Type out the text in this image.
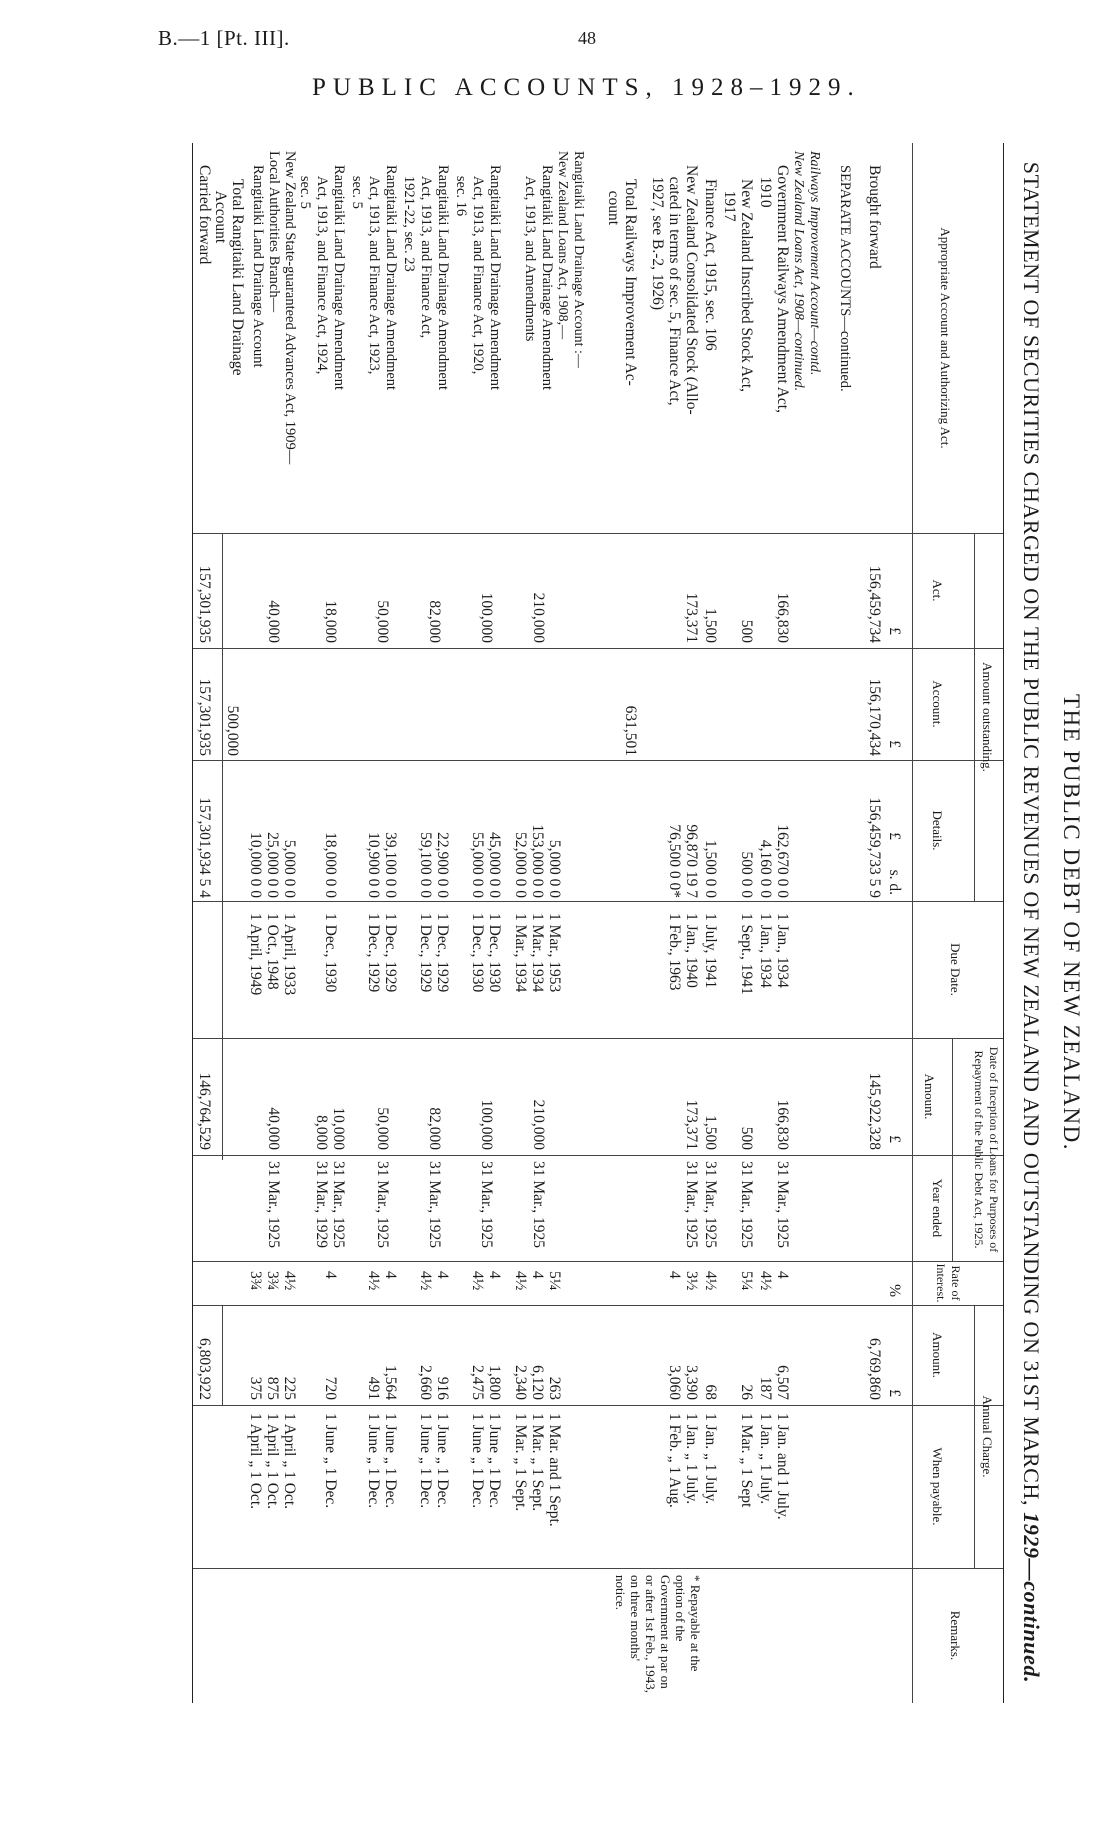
B.—1 [Pt. III].	48
PUBLIC ACCOUNTS, 1928–1929.
THE PUBLIC DEBT OF NEW ZEALAND.
STATEMENT OF SECURITIES CHARGED ON THE PUBLIC REVENUES OF NEW ZEALAND AND OUTSTANDING ON 31ST MARCH, 1929—continued.
Appropriate Account and Authorizing Act.
Amount outstanding.
Act.
Account.
Details.
Due Date.
Date of Inception of Loans for Purposes of Repayment of the Public Debt Act, 1925.
Amount.
Year ended
Rate of Interest.
Annual Charge.
Amount.
When payable.
Remarks.
£
£
£
s. d.
£
%
£
Brought forward
156,459,734
156,170,434
156,459,733 5 9
145,922,328
6,769,860
SEPARATE ACCOUNTS—continued.
Railways Improvement Account—contd.
New Zealand Loans Act, 1908—continued.
Government Railways Amendment Act,
1910
166,830
162,670 0 0
4,160 0 0
1 Jan., 1934
1 Jan., 1934
166,830
31 Mar., 1925
4
4½
6,507
187
1 Jan. and 1 July.
1 Jan. „ 1 July.
New Zealand Inscribed Stock Act,
1917
500
500 0 0
1 Sept., 1941
500
31 Mar., 1925
5¼
26
1 Mar. „ 1 Sept
Finance Act, 1915, sec. 106
1,500
1,500 0 0
1 July, 1941
1,500
31 Mar., 1925
4½
68
1 Jan. „ 1 July.
New Zealand Consolidated Stock (Allo-
cated in terms of sec. 5, Finance Act,
1927, see B.-2, 1926)
173,371
96,870 19 7
76,500 0 0*
1 Jan., 1940
1 Feb., 1963
173,371
31 Mar., 1925
3½
4
3,390
3,060
1 Jan. „ 1 July.
1 Feb. „ 1 Aug.
Total Railways Improvement Ac-
count
631,501
Rangitaiki Land Drainage Account :—
New Zealand Loans Act, 1908,—
Rangitaiki Land Drainage Amendment
Act, 1913, and Amendments
210,000
5,000 0 0
153,000 0 0
52,000 0 0
1 Mar., 1953
1 Mar., 1934
1 Mar., 1934
210,000
31 Mar., 1925
5¼
4
4½
263
6,120
2,340
1 Mar. and 1 Sept.
1 Mar. „ 1 Sept.
1 Mar. „ 1 Sept.
Rangitaiki Land Drainage Amendment
Act, 1913, and Finance Act, 1920,
sec. 16
100,000
45,000 0 0
55,000 0 0
1 Dec., 1930
1 Dec., 1930
100,000
31 Mar., 1925
4
4½
1,800
2,475
1 June „ 1 Dec.
1 June „ 1 Dec.
Rangitaiki Land Drainage Amendment
Act, 1913, and Finance Act,
1921-22, sec. 23
82,000
22,900 0 0
59,100 0 0
1 Dec., 1929
1 Dec., 1929
82,000
31 Mar., 1925
4
4½
916
2,660
1 June „ 1 Dec.
1 June „ 1 Dec.
Rangitaiki Land Drainage Amendment
Act, 1913, and Finance Act, 1923,
sec. 5
50,000
39,100 0 0
10,900 0 0
1 Dec., 1929
1 Dec., 1929
50,000
31 Mar., 1925
4
4½
1,564
491
1 June „ 1 Dec.
1 June „ 1 Dec.
Rangitaiki Land Drainage Amendment
Act, 1913, and Finance Act, 1924,
sec. 5
18,000
18,000 0 0
1 Dec., 1930
10,000
8,000
31 Mar., 1925
31 Mar., 1929
4
720
1 June „ 1 Dec.
New Zealand State-guaranteed Advances Act, 1909—
Local Authorities Branch—
Rangitaiki Land Drainage Account
40,000
5,000 0 0
25,000 0 0
10,000 0 0
1 April, 1933
1 Oct., 1948
1 April, 1949
40,000
31 Mar., 1925
4½
3¾
3¾
225
875
375
1 April „ 1 Oct.
1 April „ 1 Oct.
1 April „ 1 Oct.
Total Rangitaiki Land Drainage
Account
500,000
Carried forward
157,301,935
157,301,935
157,301,934 5 4
146,764,529
6,803,922
* Repayable at the option of the Government at par on or after 1st Feb., 1943, on three months' notice.
